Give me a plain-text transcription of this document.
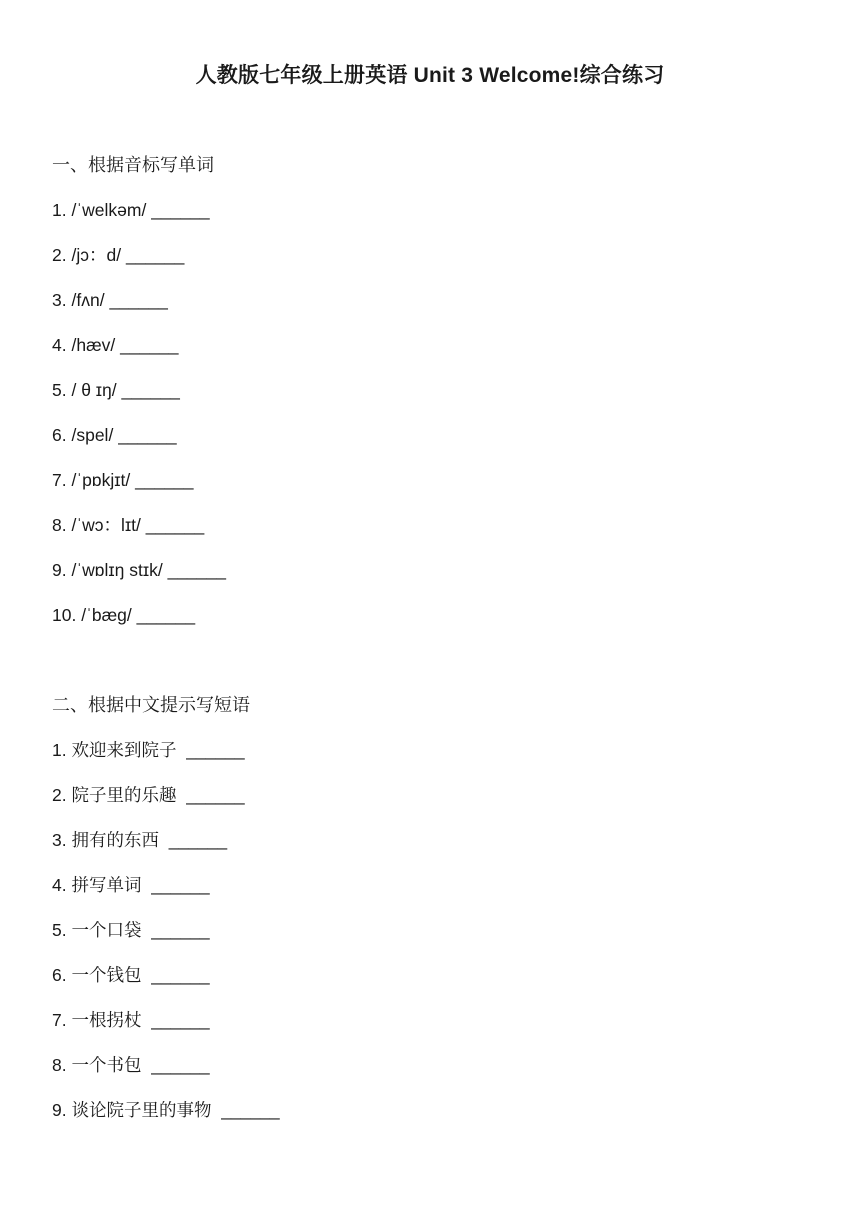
人教版七年级上册英语 Unit 3 Welcome!综合练习

一、根据音标写单词

1. /ˈwelkəm/ ______
2. /jɔ：d/ ______
3. /fʌn/ ______
4. /hæv/ ______
5. / θ ɪŋ/ ______
6. /spel/ ______
7. /ˈpɒkjɪt/ ______
8. /ˈwɔ：lɪt/ ______
9. /ˈwɒlɪŋ stɪk/ ______
10. /ˈbæɡ/ ______

二、根据中文提示写短语

1. 欢迎来到院子 ______
2. 院子里的乐趣 ______
3. 拥有的东西 ______
4. 拼写单词 ______
5. 一个口袋 ______
6. 一个钱包 ______
7. 一根拐杖 ______
8. 一个书包 ______
9. 谈论院子里的事物 ______
